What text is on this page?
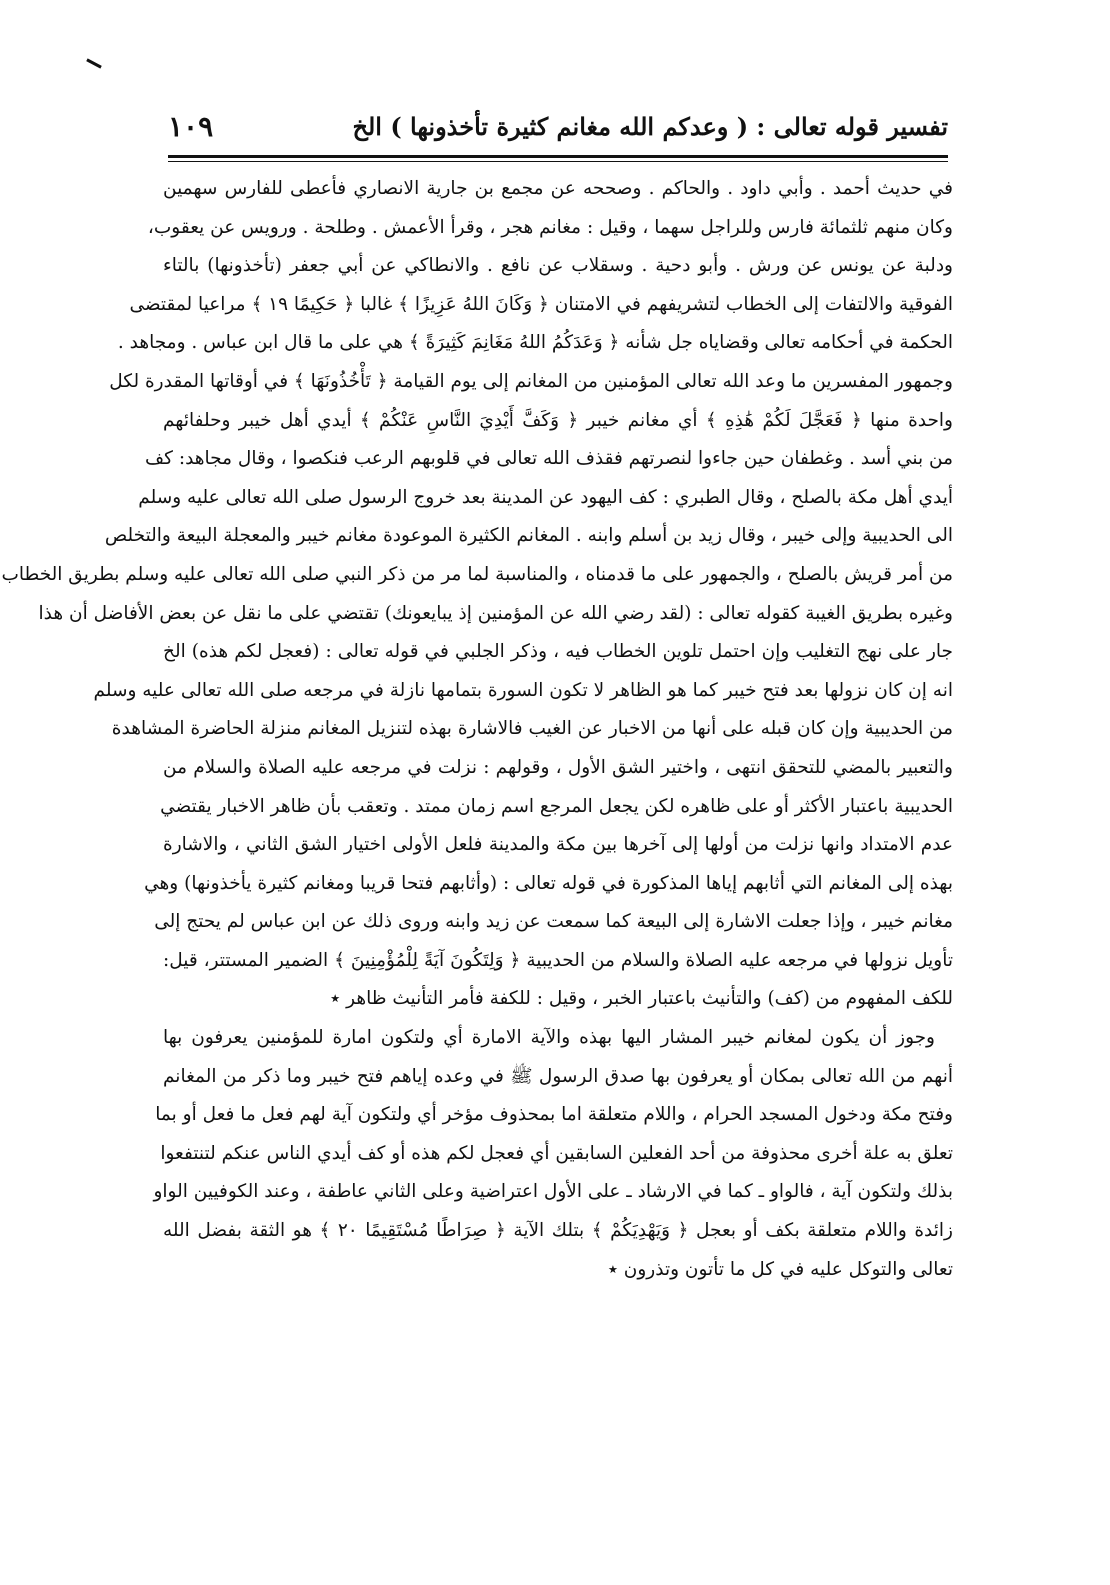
تفسير قوله تعالى : ( وعدكم الله مغانم كثيرة تأخذونها ) الخ
١٠٩
في حديث أحمد . وأبي داود . والحاكم . وصححه عن مجمع بن جارية الانصاري فأعطى للفارس سهمين
وكان منهم ثلثمائة فارس وللراجل سهما ، وقيل : مغانم هجر ، وقرأ الأعمش . وطلحة . ورويس عن يعقوب،
ودلبة عن يونس عن ورش . وأبو دحية . وسقلاب عن نافع . والانطاكي عن أبي جعفر (تأخذونها) بالتاء
الفوقية والالتفات إلى الخطاب لتشريفهم في الامتنان ﴿ وَكَانَ اللهُ عَزِيزًا ﴾ غالبا ﴿ حَكِيمًا ١٩ ﴾ مراعيا لمقتضى
الحكمة في أحكامه تعالى وقضاياه جل شأنه ﴿ وَعَدَكُمُ اللهُ مَغَانِمَ كَثِيرَةً ﴾ هي على ما قال ابن عباس . ومجاهد .
وجمهور المفسرين ما وعد الله تعالى المؤمنين من المغانم إلى يوم القيامة ﴿ تَأْخُذُونَهَا ﴾ في أوقاتها المقدرة لكل
واحدة منها ﴿ فَعَجَّلَ لَكُمْ هَٰذِهِ ﴾ أي مغانم خيبر ﴿ وَكَفَّ أَيْدِيَ النَّاسِ عَنْكُمْ ﴾ أيدي أهل خيبر وحلفائهم
من بني أسد . وغطفان حين جاءوا لنصرتهم فقذف الله تعالى في قلوبهم الرعب فنكصوا ، وقال مجاهد: كف
أيدي أهل مكة بالصلح ، وقال الطبري : كف اليهود عن المدينة بعد خروج الرسول صلى الله تعالى عليه وسلم
الى الحديبية وإلى خيبر ، وقال زيد بن أسلم وابنه . المغانم الكثيرة الموعودة مغانم خيبر والمعجلة البيعة والتخلص
من أمر قريش بالصلح ، والجمهور على ما قدمناه ، والمناسبة لما مر من ذكر النبي صلى الله تعالى عليه وسلم بطريق الخطاب
وغيره بطريق الغيبة كقوله تعالى : (لقد رضي الله عن المؤمنين إذ يبايعونك) تقتضي على ما نقل عن بعض الأفاضل أن هذا
جار على نهج التغليب وإن احتمل تلوين الخطاب فيه ، وذكر الجلبي في قوله تعالى : (فعجل لكم هذه) الخ
انه إن كان نزولها بعد فتح خيبر كما هو الظاهر لا تكون السورة بتمامها نازلة في مرجعه صلى الله تعالى عليه وسلم
من الحديبية وإن كان قبله على أنها من الاخبار عن الغيب فالاشارة بهذه لتنزيل المغانم منزلة الحاضرة المشاهدة
والتعبير بالمضي للتحقق انتهى ، واختير الشق الأول ، وقولهم : نزلت في مرجعه عليه الصلاة والسلام من
الحديبية باعتبار الأكثر أو على ظاهره لكن يجعل المرجع اسم زمان ممتد . وتعقب بأن ظاهر الاخبار يقتضي
عدم الامتداد وانها نزلت من أولها إلى آخرها بين مكة والمدينة فلعل الأولى اختيار الشق الثاني ، والاشارة
بهذه إلى المغانم التي أثابهم إياها المذكورة في قوله تعالى : (وأثابهم فتحا قريبا ومغانم كثيرة يأخذونها) وهي
مغانم خيبر ، وإذا جعلت الاشارة إلى البيعة كما سمعت عن زيد وابنه وروى ذلك عن ابن عباس لم يحتج إلى
تأويل نزولها في مرجعه عليه الصلاة والسلام من الحديبية ﴿ وَلِتَكُونَ آيَةً لِلْمُؤْمِنِينَ ﴾ الضمير المستتر، قيل:
للكف المفهوم من (كف) والتأنيث باعتبار الخبر ، وقيل : للكفة فأمر التأنيث ظاهر ٭
وجوز أن يكون لمغانم خيبر المشار اليها بهذه والآية الامارة أي ولتكون امارة للمؤمنين يعرفون بها
أنهم من الله تعالى بمكان أو يعرفون بها صدق الرسول ﷺ في وعده إياهم فتح خيبر وما ذكر من المغانم
وفتح مكة ودخول المسجد الحرام ، واللام متعلقة اما بمحذوف مؤخر أي ولتكون آية لهم فعل ما فعل أو بما
تعلق به علة أخرى محذوفة من أحد الفعلين السابقين أي فعجل لكم هذه أو كف أيدي الناس عنكم لتنتفعوا
بذلك ولتكون آية ، فالواو ـ كما في الارشاد ـ على الأول اعتراضية وعلى الثاني عاطفة ، وعند الكوفيين الواو
زائدة واللام متعلقة بكف أو بعجل ﴿ وَيَهْدِيَكُمْ ﴾ بتلك الآية ﴿ صِرَاطًا مُسْتَقِيمًا ٢٠ ﴾ هو الثقة بفضل الله
تعالى والتوكل عليه في كل ما تأتون وتذرون ٭
